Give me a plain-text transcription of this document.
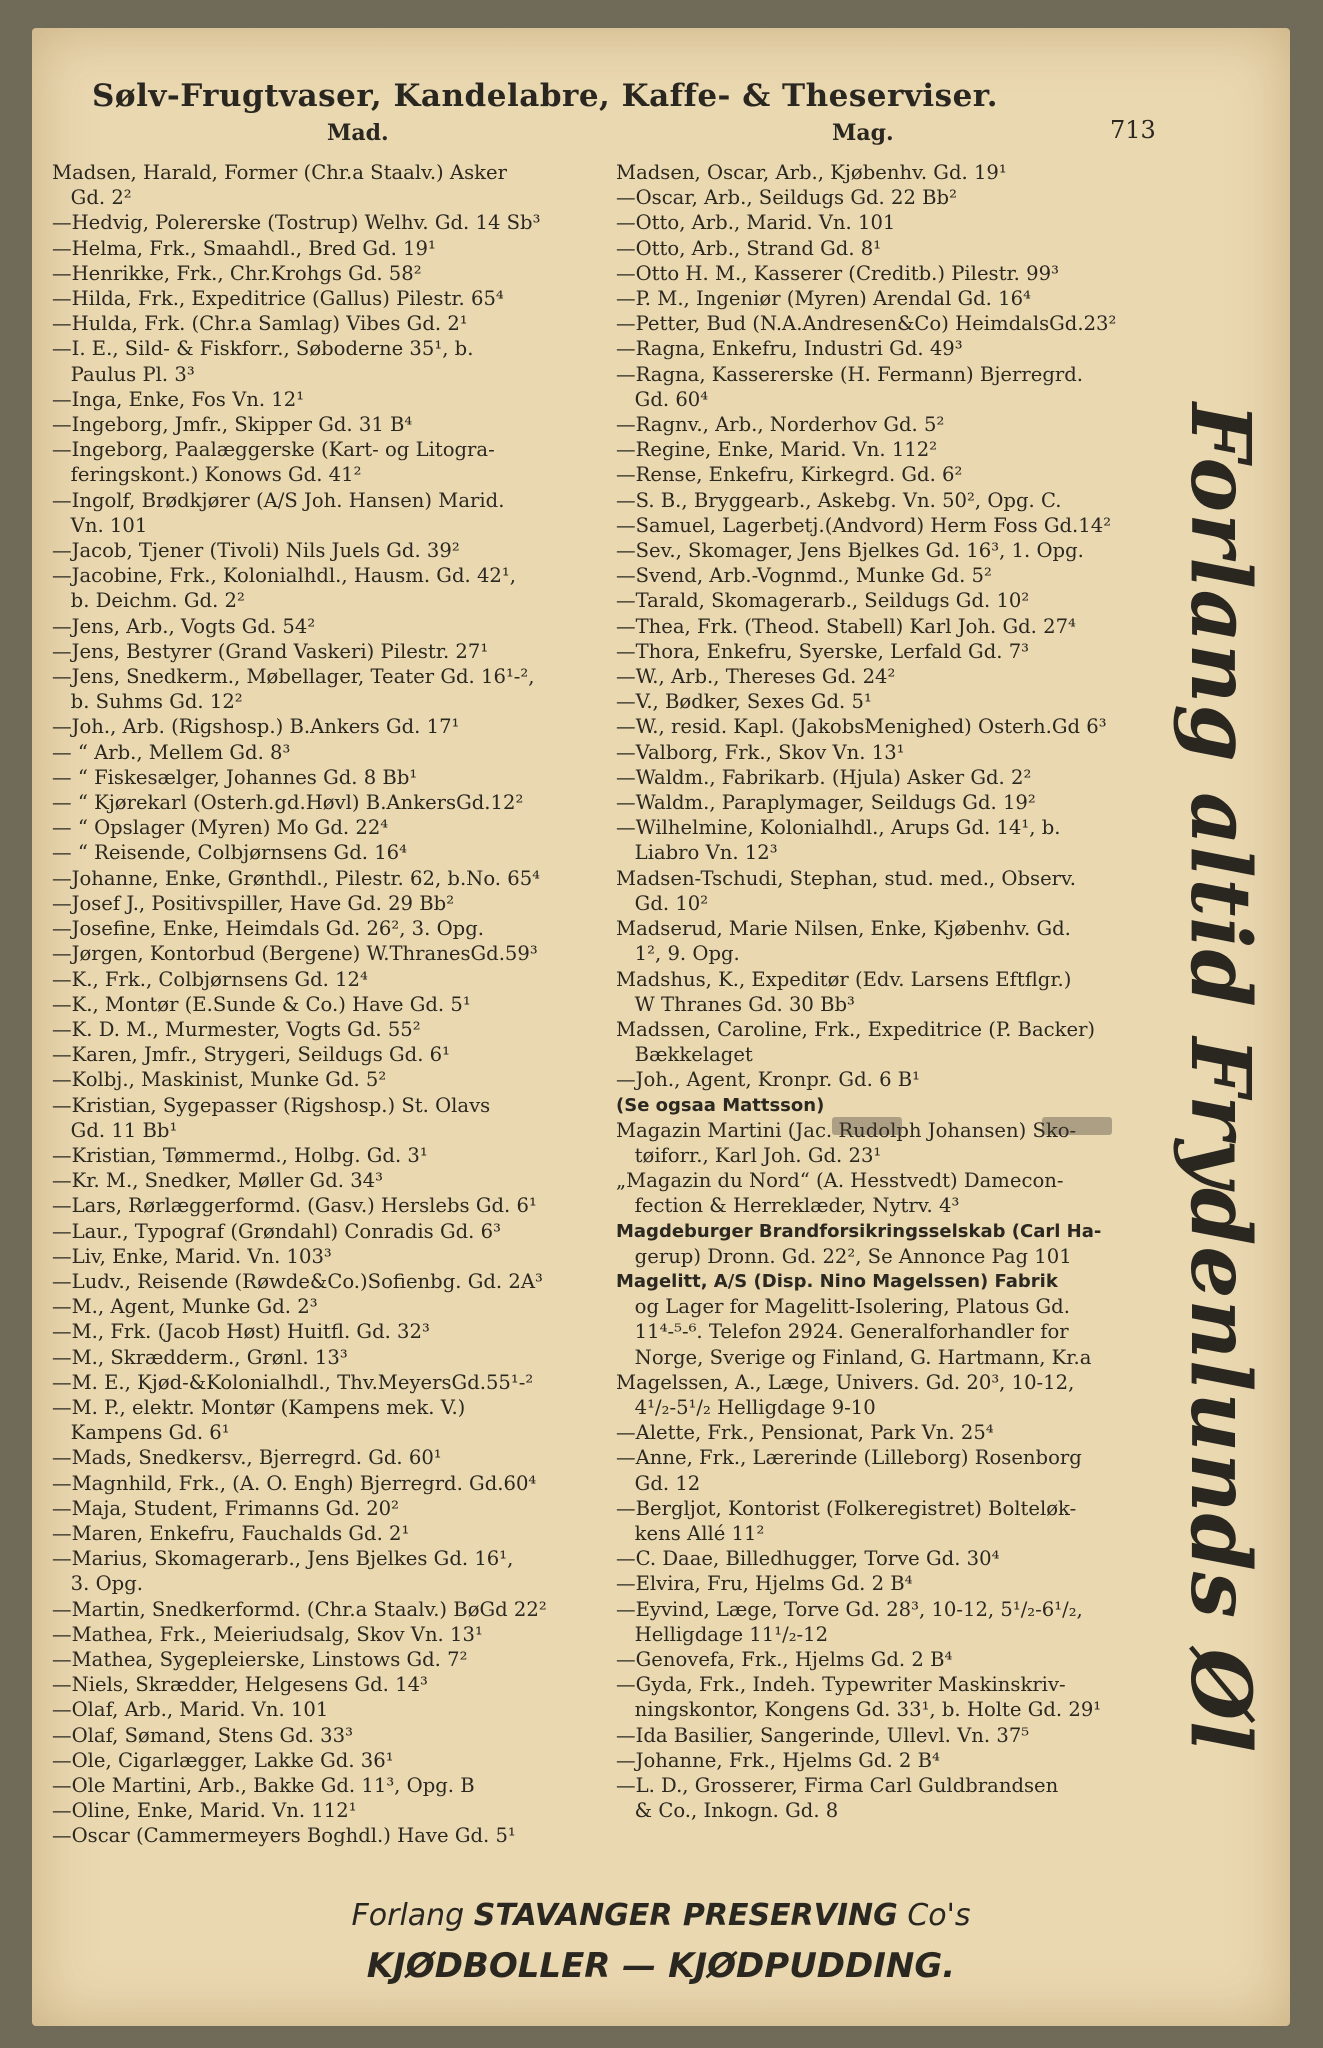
Sølv-Frugtvaser, Kandelabre, Kaffe- & Theserviser.
Mad.	Mag.	713
Madsen, Harald, Former (Chr.a Staalv.) Asker
Gd. 2²
—Hedvig, Polererske (Tostrup) Welhv. Gd. 14 Sb³
—Helma, Frk., Smaahdl., Bred Gd. 19¹
—Henrikke, Frk., Chr.Krohgs Gd. 58²
—Hilda, Frk., Expeditrice (Gallus) Pilestr. 65⁴
—Hulda, Frk. (Chr.a Samlag) Vibes Gd. 2¹
—I. E., Sild- & Fiskforr., Søboderne 35¹, b.
Paulus Pl. 3³
—Inga, Enke, Fos Vn. 12¹
—Ingeborg, Jmfr., Skipper Gd. 31 B⁴
—Ingeborg, Paalæggerske (Kart- og Litogra-
feringskont.) Konows Gd. 41²
—Ingolf, Brødkjører (A/S Joh. Hansen) Marid.
Vn. 101
—Jacob, Tjener (Tivoli) Nils Juels Gd. 39²
—Jacobine, Frk., Kolonialhdl., Hausm. Gd. 42¹,
b. Deichm. Gd. 2²
—Jens, Arb., Vogts Gd. 54²
—Jens, Bestyrer (Grand Vaskeri) Pilestr. 27¹
—Jens, Snedkerm., Møbellager, Teater Gd. 16¹-²,
b. Suhms Gd. 12²
—Joh., Arb. (Rigshosp.) B.Ankers Gd. 17¹
— “ Arb., Mellem Gd. 8³
— “ Fiskesælger, Johannes Gd. 8 Bb¹
— “ Kjørekarl (Osterh.gd.Høvl) B.AnkersGd.12²
— “ Opslager (Myren) Mo Gd. 22⁴
— “ Reisende, Colbjørnsens Gd. 16⁴
—Johanne, Enke, Grønthdl., Pilestr. 62, b.No. 65⁴
—Josef J., Positivspiller, Have Gd. 29 Bb²
—Josefine, Enke, Heimdals Gd. 26², 3. Opg.
—Jørgen, Kontorbud (Bergene) W.ThranesGd.59³
—K., Frk., Colbjørnsens Gd. 12⁴
—K., Montør (E.Sunde & Co.) Have Gd. 5¹
—K. D. M., Murmester, Vogts Gd. 55²
—Karen, Jmfr., Strygeri, Seildugs Gd. 6¹
—Kolbj., Maskinist, Munke Gd. 5²
—Kristian, Sygepasser (Rigshosp.) St. Olavs
Gd. 11 Bb¹
—Kristian, Tømmermd., Holbg. Gd. 3¹
—Kr. M., Snedker, Møller Gd. 34³
—Lars, Rørlæggerformd. (Gasv.) Herslebs Gd. 6¹
—Laur., Typograf (Grøndahl) Conradis Gd. 6³
—Liv, Enke, Marid. Vn. 103³
—Ludv., Reisende (Røwde&Co.)Sofienbg. Gd. 2A³
—M., Agent, Munke Gd. 2³
—M., Frk. (Jacob Høst) Huitfl. Gd. 32³
—M., Skrædderm., Grønl. 13³
—M. E., Kjød-&Kolonialhdl., Thv.MeyersGd.55¹-²
—M. P., elektr. Montør (Kampens mek. V.)
Kampens Gd. 6¹
—Mads, Snedkersv., Bjerregrd. Gd. 60¹
—Magnhild, Frk., (A. O. Engh) Bjerregrd. Gd.60⁴
—Maja, Student, Frimanns Gd. 20²
—Maren, Enkefru, Fauchalds Gd. 2¹
—Marius, Skomagerarb., Jens Bjelkes Gd. 16¹,
3. Opg.
—Martin, Snedkerformd. (Chr.a Staalv.) BøGd 22²
—Mathea, Frk., Meieriudsalg, Skov Vn. 13¹
—Mathea, Sygepleierske, Linstows Gd. 7²
—Niels, Skrædder, Helgesens Gd. 14³
—Olaf, Arb., Marid. Vn. 101
—Olaf, Sømand, Stens Gd. 33³
—Ole, Cigarlægger, Lakke Gd. 36¹
—Ole Martini, Arb., Bakke Gd. 11³, Opg. B
—Oline, Enke, Marid. Vn. 112¹
—Oscar (Cammermeyers Boghdl.) Have Gd. 5¹
Madsen, Oscar, Arb., Kjøbenhv. Gd. 19¹
—Oscar, Arb., Seildugs Gd. 22 Bb²
—Otto, Arb., Marid. Vn. 101
—Otto, Arb., Strand Gd. 8¹
—Otto H. M., Kasserer (Creditb.) Pilestr. 99³
—P. M., Ingeniør (Myren) Arendal Gd. 16⁴
—Petter, Bud (N.A.Andresen&Co) HeimdalsGd.23²
—Ragna, Enkefru, Industri Gd. 49³
—Ragna, Kassererske (H. Fermann) Bjerregrd.
Gd. 60⁴
—Ragnv., Arb., Norderhov Gd. 5²
—Regine, Enke, Marid. Vn. 112²
—Rense, Enkefru, Kirkegrd. Gd. 6²
—S. B., Bryggearb., Askebg. Vn. 50², Opg. C.
—Samuel, Lagerbetj.(Andvord) Herm Foss Gd.14²
—Sev., Skomager, Jens Bjelkes Gd. 16³, 1. Opg.
—Svend, Arb.-Vognmd., Munke Gd. 5²
—Tarald, Skomagerarb., Seildugs Gd. 10²
—Thea, Frk. (Theod. Stabell) Karl Joh. Gd. 27⁴
—Thora, Enkefru, Syerske, Lerfald Gd. 7³
—W., Arb., Thereses Gd. 24²
—V., Bødker, Sexes Gd. 5¹
—W., resid. Kapl. (JakobsMenighed) Osterh.Gd 6³
—Valborg, Frk., Skov Vn. 13¹
—Waldm., Fabrikarb. (Hjula) Asker Gd. 2²
—Waldm., Paraplymager, Seildugs Gd. 19²
—Wilhelmine, Kolonialhdl., Arups Gd. 14¹, b.
Liabro Vn. 12³
Madsen-Tschudi, Stephan, stud. med., Observ.
Gd. 10²
Madserud, Marie Nilsen, Enke, Kjøbenhv. Gd.
1², 9. Opg.
Madshus, K., Expeditør (Edv. Larsens Eftflgr.)
W Thranes Gd. 30 Bb³
Madssen, Caroline, Frk., Expeditrice (P. Backer)
Bækkelaget
—Joh., Agent, Kronpr. Gd. 6 B¹
(Se ogsaa Mattsson)
Magazin Martini (Jac. Rudolph Johansen) Sko-
tøiforr., Karl Joh. Gd. 23¹
„Magazin du Nord“ (A. Hesstvedt) Damecon-
fection & Herreklæder, Nytrv. 4³
Magdeburger Brandforsikringsselskab (Carl Ha-
gerup) Dronn. Gd. 22², Se Annonce Pag 101
Magelitt, A/S (Disp. Nino Magelssen) Fabrik
og Lager for Magelitt-Isolering, Platous Gd.
11⁴-⁵-⁶. Telefon 2924. Generalforhandler for
Norge, Sverige og Finland, G. Hartmann, Kr.a
Magelssen, A., Læge, Univers. Gd. 20³, 10-12,
4¹/₂-5¹/₂ Helligdage 9-10
—Alette, Frk., Pensionat, Park Vn. 25⁴
—Anne, Frk., Lærerinde (Lilleborg) Rosenborg
Gd. 12
—Bergljot, Kontorist (Folkeregistret) Bolteløk-
kens Allé 11²
—C. Daae, Billedhugger, Torve Gd. 30⁴
—Elvira, Fru, Hjelms Gd. 2 B⁴
—Eyvind, Læge, Torve Gd. 28³, 10-12, 5¹/₂-6¹/₂,
Helligdage 11¹/₂-12
—Genovefa, Frk., Hjelms Gd. 2 B⁴
—Gyda, Frk., Indeh. Typewriter Maskinskriv-
ningskontor, Kongens Gd. 33¹, b. Holte Gd. 29¹
—Ida Basilier, Sangerinde, Ullevl. Vn. 37⁵
—Johanne, Frk., Hjelms Gd. 2 B⁴
—L. D., Grosserer, Firma Carl Guldbrandsen
& Co., Inkogn. Gd. 8
Forlang altid Frydenlunds Øl
Forlang STAVANGER PRESERVING Co's
KJØDBOLLER — KJØDPUDDING.
